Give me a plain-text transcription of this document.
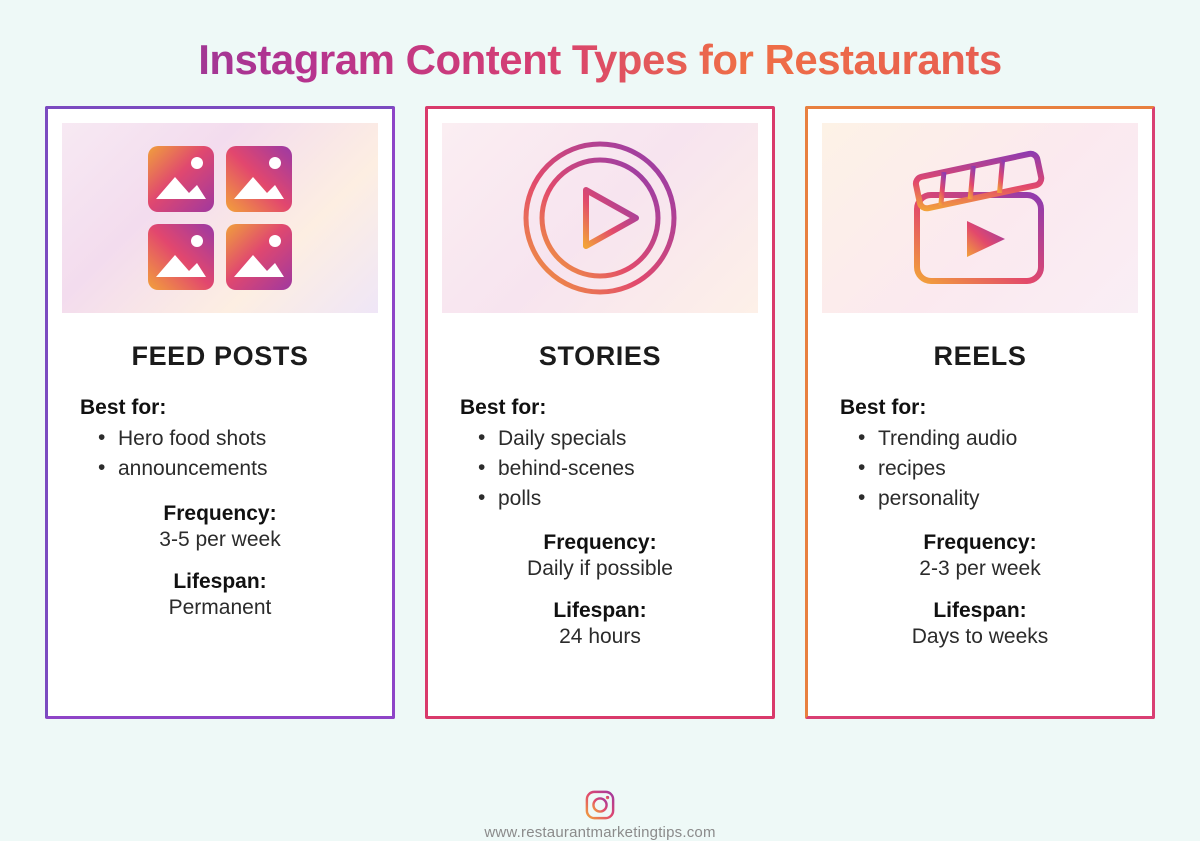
Instagram Content Types for Restaurants
FEED POSTS
Best for:
• Hero food shots
• announcements
Frequency:
3-5 per week
Lifespan:
Permanent
STORIES
Best for:
• Daily specials
• behind-scenes
• polls
Frequency:
Daily if possible
Lifespan:
24 hours
REELS
Best for:
• Trending audio
• recipes
• personality
Frequency:
2-3 per week
Lifespan:
Days to weeks
www.restaurantmarketingtips.com
